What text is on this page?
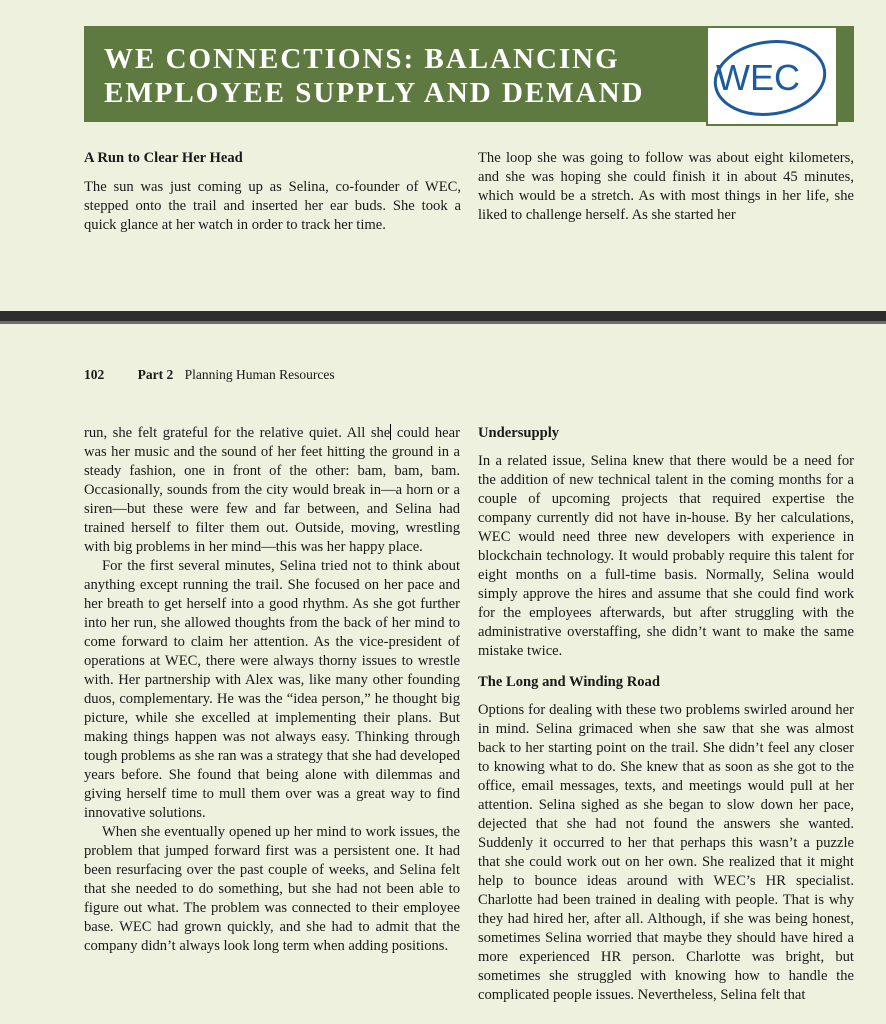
WE CONNECTIONS: BALANCING
EMPLOYEE SUPPLY AND DEMAND	WEC

A Run to Clear Her Head

The sun was just coming up as Selina, co-founder of WEC, stepped onto the trail and inserted her ear buds. She took a quick glance at her watch in order to track her time.

The loop she was going to follow was about eight kilometers, and she was hoping she could finish it in about 45 minutes, which would be a stretch. As with most things in her life, she liked to challenge herself. As she started her

102 Part 2 Planning Human Resources

run, she felt grateful for the relative quiet. All she could hear was her music and the sound of her feet hitting the ground in a steady fashion, one in front of the other: bam, bam, bam. Occasionally, sounds from the city would break in—a horn or a siren—but these were few and far between, and Selina had trained herself to filter them out. Outside, moving, wrestling with big problems in her mind—this was her happy place.

For the first several minutes, Selina tried not to think about anything except running the trail. She focused on her pace and her breath to get herself into a good rhythm. As she got further into her run, she allowed thoughts from the back of her mind to come forward to claim her attention. As the vice-president of operations at WEC, there were always thorny issues to wrestle with. Her partnership with Alex was, like many other founding duos, complementary. He was the “idea person,” he thought big picture, while she excelled at implementing their plans. But making things happen was not always easy. Thinking through tough problems as she ran was a strategy that she had developed years before. She found that being alone with dilemmas and giving herself time to mull them over was a great way to find innovative solutions.

When she eventually opened up her mind to work issues, the problem that jumped forward first was a persistent one. It had been resurfacing over the past couple of weeks, and Selina felt that she needed to do something, but she had not been able to figure out what. The problem was connected to their employee base. WEC had grown quickly, and she had to admit that the company didn’t always look long term when adding positions.

Undersupply

In a related issue, Selina knew that there would be a need for the addition of new technical talent in the coming months for a couple of upcoming projects that required expertise the company currently did not have in-house. By her calculations, WEC would need three new developers with experience in blockchain technology. It would probably require this talent for eight months on a full-time basis. Normally, Selina would simply approve the hires and assume that she could find work for the employees afterwards, but after struggling with the administrative overstaffing, she didn’t want to make the same mistake twice.

The Long and Winding Road

Options for dealing with these two problems swirled around her in mind. Selina grimaced when she saw that she was almost back to her starting point on the trail. She didn’t feel any closer to knowing what to do. She knew that as soon as she got to the office, email messages, texts, and meetings would pull at her attention. Selina sighed as she began to slow down her pace, dejected that she had not found the answers she wanted. Suddenly it occurred to her that perhaps this wasn’t a puzzle that she could work out on her own. She realized that it might help to bounce ideas around with WEC’s HR specialist. Charlotte had been trained in dealing with people. That is why they had hired her, after all. Although, if she was being honest, sometimes Selina worried that maybe they should have hired a more experienced HR person. Charlotte was bright, but sometimes she struggled with knowing how to handle the complicated people issues. Nevertheless, Selina felt that
